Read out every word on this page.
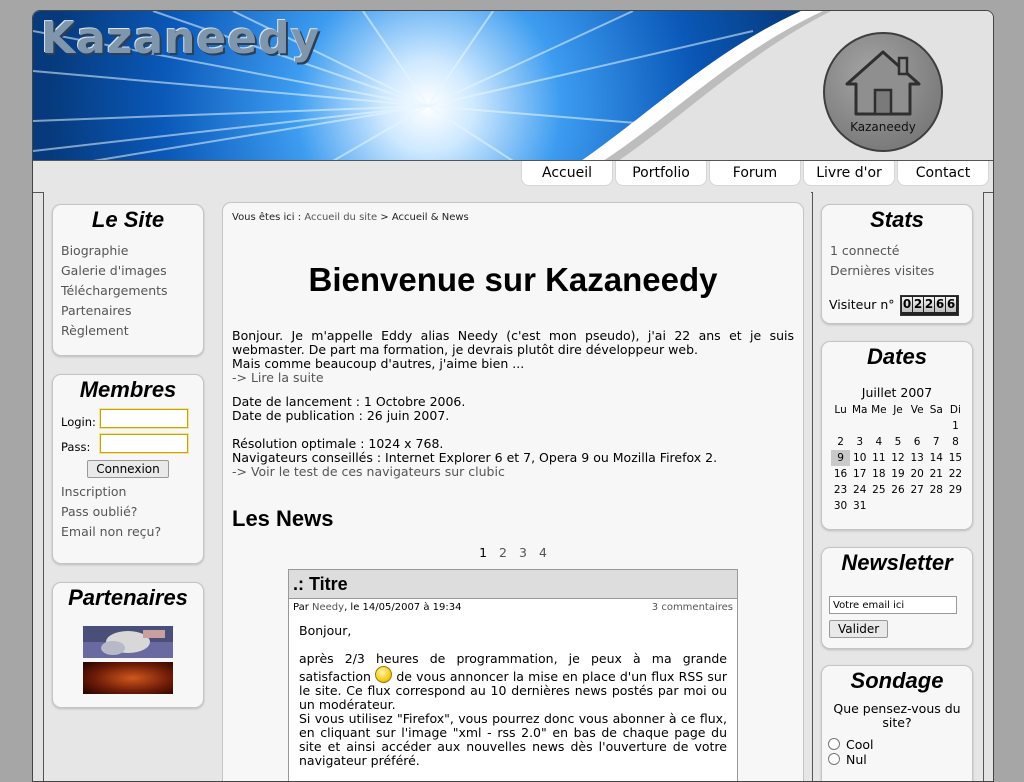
Kazaneedy
Kazaneedy
Accueil	Portfolio	Forum	Livre d'or	Contact
Le Site
Biographie
Galerie d'images
Téléchargements
Partenaires
Règlement
Membres
Login:
Pass:
Connexion
Inscription
Pass oublié?
Email non reçu?
Partenaires
Vous êtes ici : Accueil du site > Accueil & News
Bienvenue sur Kazaneedy
Bonjour. Je m'appelle Eddy alias Needy (c'est mon pseudo), j'ai 22 ans et je suis webmaster. De part ma formation, je devrais plutôt dire développeur web.
Mais comme beaucoup d'autres, j'aime bien ...
-> Lire la suite
Date de lancement : 1 Octobre 2006.
Date de publication : 26 juin 2007.
Résolution optimale : 1024 x 768.
Navigateurs conseillés : Internet Explorer 6 et 7, Opera 9 ou Mozilla Firefox 2.
-> Voir le test de ces navigateurs sur clubic
Les News
1 2 3 4
.: Titre
Par Needy, le 14/05/2007 à 19:34	3 commentaires

Bonjour,

après 2/3 heures de programmation, je peux à ma grande satisfaction  de vous annoncer la mise en place d'un flux RSS sur le site. Ce flux correspond au 10 dernières news postés par moi ou un modérateur.

Si vous utilisez "Firefox", vous pourrez donc vous abonner à ce flux, en cliquant sur l'image "xml - rss 2.0" en bas de chaque page du site et ainsi accéder aux nouvelles news dès l'ouverture de votre navigateur préféré.

Stats
1 connecté
Dernières visites
Visiteur n° 0 2 2 6 6
Dates
Juillet 2007
Lu	Ma	Me	Je	Ve	Sa	Di
						1
2	3	4	5	6	7	8
9	10	11	12	13	14	15
16	17	18	19	20	21	22
23	24	25	26	27	28	29
30	31					
Newsletter
Votre email ici
Valider
Sondage
Que pensez-vous du site?
Cool
Nul
